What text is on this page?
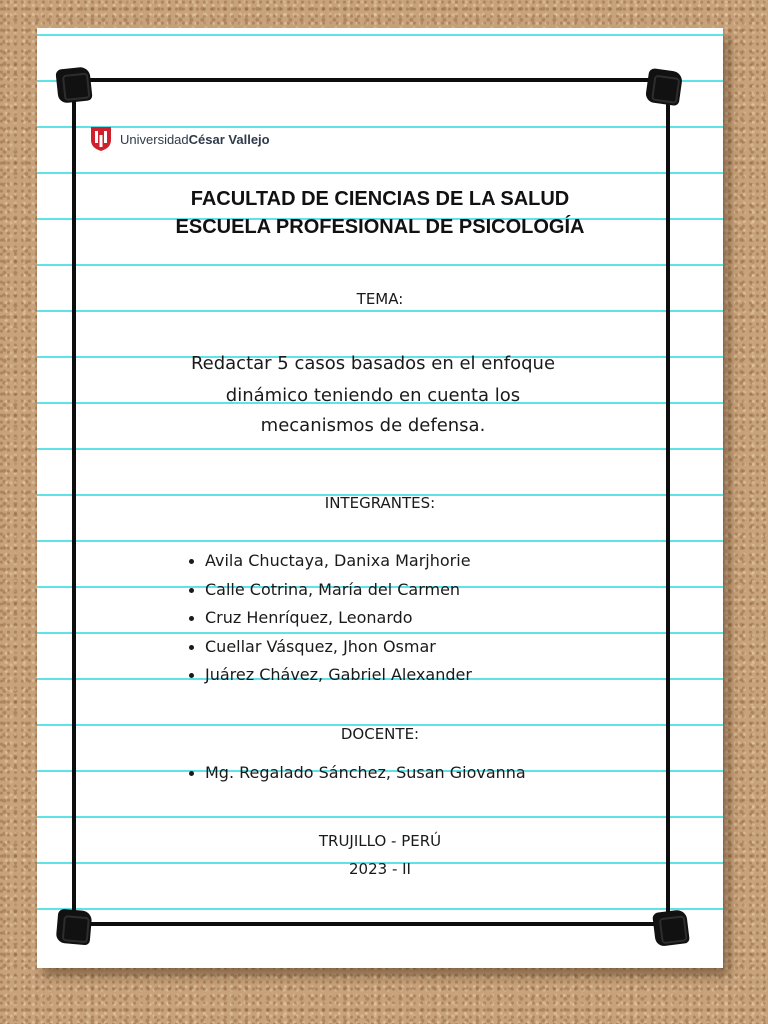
UniversidadCésar Vallejo
FACULTAD DE CIENCIAS DE LA SALUD
ESCUELA PROFESIONAL DE PSICOLOGÍA
TEMA:
Redactar 5 casos basados en el enfoque
dinámico teniendo en cuenta los
mecanismos de defensa.
INTEGRANTES:
Avila Chuctaya, Danixa Marjhorie
Calle Cotrina, María del Carmen
Cruz Henríquez, Leonardo
Cuellar Vásquez, Jhon Osmar
Juárez Chávez, Gabriel Alexander
DOCENTE:
Mg. Regalado Sánchez, Susan Giovanna
TRUJILLO - PERÚ
2023 - II
